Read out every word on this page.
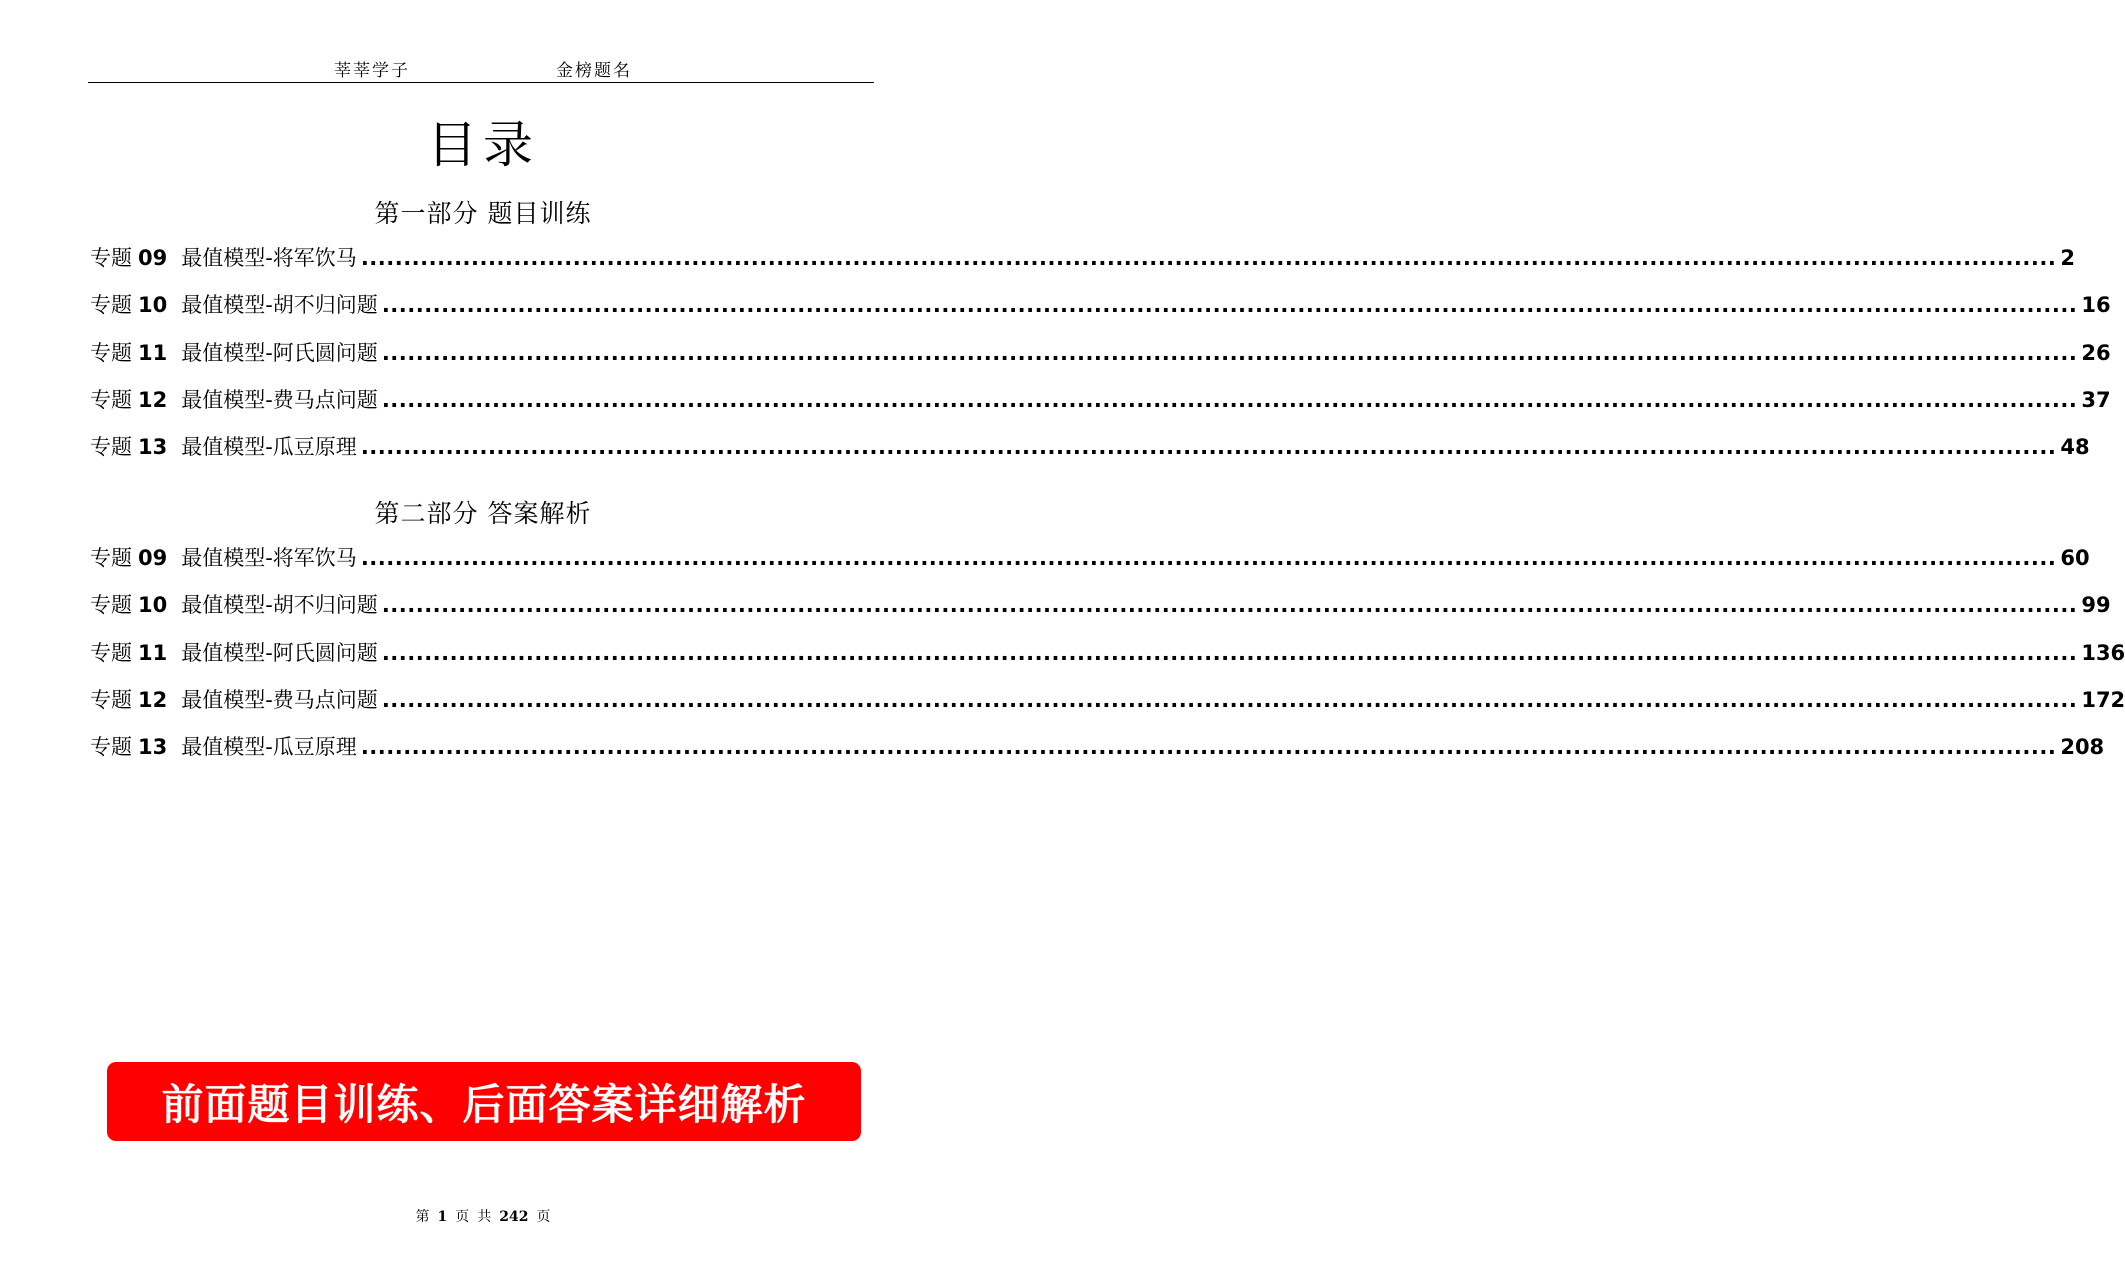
莘莘学子	金榜题名
目录
第一部分 题目训练
专题 09 最值模型-将军饮马 ........................................................................................................................................................................................................ 2
专题 10 最值模型-胡不归问题 ........................................................................................................................................................................................................ 16
专题 11 最值模型-阿氏圆问题 ........................................................................................................................................................................................................ 26
专题 12 最值模型-费马点问题 ........................................................................................................................................................................................................ 37
专题 13 最值模型-瓜豆原理 ........................................................................................................................................................................................................ 48
第二部分 答案解析
专题 09 最值模型-将军饮马 ........................................................................................................................................................................................................ 60
专题 10 最值模型-胡不归问题 ........................................................................................................................................................................................................ 99
专题 11 最值模型-阿氏圆问题 ........................................................................................................................................................................................................ 136
专题 12 最值模型-费马点问题 ........................................................................................................................................................................................................ 172
专题 13 最值模型-瓜豆原理 ........................................................................................................................................................................................................ 208
前面题目训练、后面答案详细解析
第 1 页 共 242 页
